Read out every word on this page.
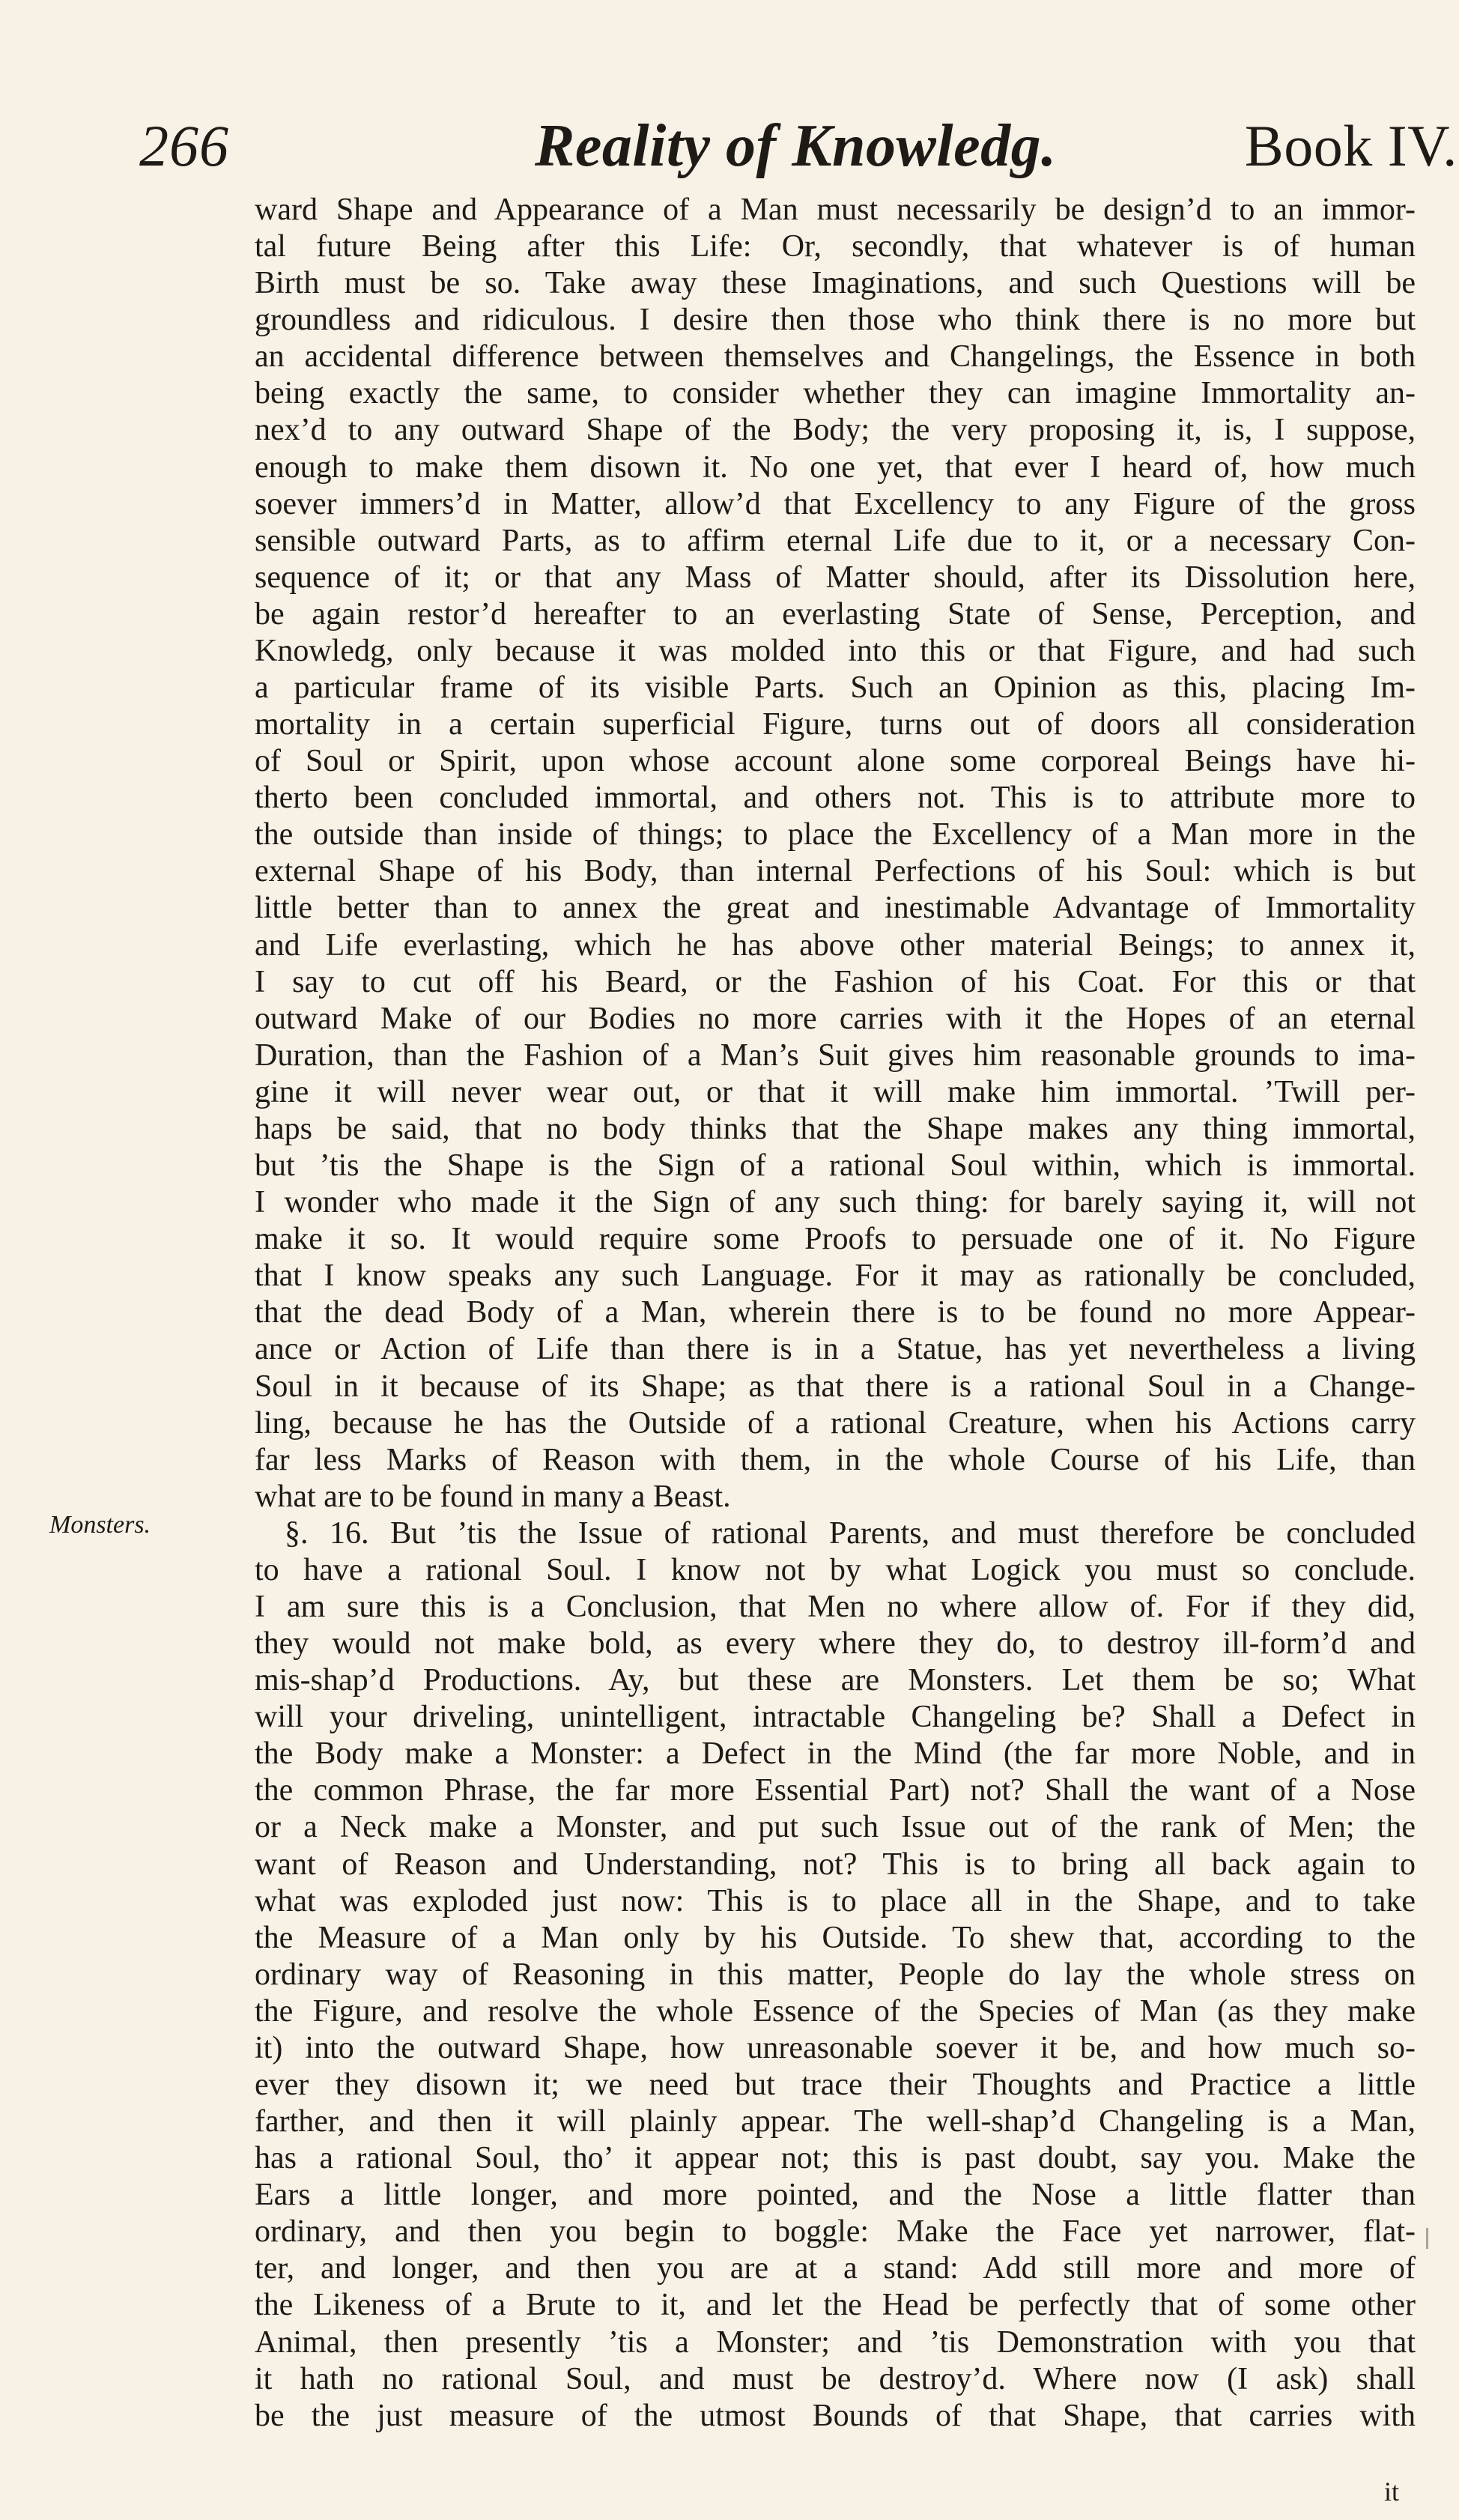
266	Reality of Knowledg.	Book IV.
Monsters.
ward Shape and Appearance of a Man must necessarily be design’d to an immor-
tal future Being after this Life: Or, secondly, that whatever is of human
Birth must be so. Take away these Imaginations, and such Questions will be
groundless and ridiculous. I desire then those who think there is no more but
an accidental difference between themselves and Changelings, the Essence in both
being exactly the same, to consider whether they can imagine Immortality an-
nex’d to any outward Shape of the Body; the very proposing it, is, I suppose,
enough to make them disown it. No one yet, that ever I heard of, how much
soever immers’d in Matter, allow’d that Excellency to any Figure of the gross
sensible outward Parts, as to affirm eternal Life due to it, or a necessary Con-
sequence of it; or that any Mass of Matter should, after its Dissolution here,
be again restor’d hereafter to an everlasting State of Sense, Perception, and
Knowledg, only because it was molded into this or that Figure, and had such
a particular frame of its visible Parts. Such an Opinion as this, placing Im-
mortality in a certain superficial Figure, turns out of doors all consideration
of Soul or Spirit, upon whose account alone some corporeal Beings have hi-
therto been concluded immortal, and others not. This is to attribute more to
the outside than inside of things; to place the Excellency of a Man more in the
external Shape of his Body, than internal Perfections of his Soul: which is but
little better than to annex the great and inestimable Advantage of Immortality
and Life everlasting, which he has above other material Beings; to annex it,
I say to cut off his Beard, or the Fashion of his Coat. For this or that
outward Make of our Bodies no more carries with it the Hopes of an eternal
Duration, than the Fashion of a Man’s Suit gives him reasonable grounds to ima-
gine it will never wear out, or that it will make him immortal. ’Twill per-
haps be said, that no body thinks that the Shape makes any thing immortal,
but ’tis the Shape is the Sign of a rational Soul within, which is immortal.
I wonder who made it the Sign of any such thing: for barely saying it, will not
make it so. It would require some Proofs to persuade one of it. No Figure
that I know speaks any such Language. For it may as rationally be concluded,
that the dead Body of a Man, wherein there is to be found no more Appear-
ance or Action of Life than there is in a Statue, has yet nevertheless a living
Soul in it because of its Shape; as that there is a rational Soul in a Change-
ling, because he has the Outside of a rational Creature, when his Actions carry
far less Marks of Reason with them, in the whole Course of his Life, than
what are to be found in many a Beast.
§. 16. But ’tis the Issue of rational Parents, and must therefore be concluded
to have a rational Soul. I know not by what Logick you must so conclude.
I am sure this is a Conclusion, that Men no where allow of. For if they did,
they would not make bold, as every where they do, to destroy ill-form’d and
mis-shap’d Productions. Ay, but these are Monsters. Let them be so; What
will your driveling, unintelligent, intractable Changeling be? Shall a Defect in
the Body make a Monster: a Defect in the Mind (the far more Noble, and in
the common Phrase, the far more Essential Part) not? Shall the want of a Nose
or a Neck make a Monster, and put such Issue out of the rank of Men; the
want of Reason and Understanding, not? This is to bring all back again to
what was exploded just now: This is to place all in the Shape, and to take
the Measure of a Man only by his Outside. To shew that, according to the
ordinary way of Reasoning in this matter, People do lay the whole stress on
the Figure, and resolve the whole Essence of the Species of Man (as they make
it) into the outward Shape, how unreasonable soever it be, and how much so-
ever they disown it; we need but trace their Thoughts and Practice a little
farther, and then it will plainly appear. The well-shap’d Changeling is a Man,
has a rational Soul, tho’ it appear not; this is past doubt, say you. Make the
Ears a little longer, and more pointed, and the Nose a little flatter than
ordinary, and then you begin to boggle: Make the Face yet narrower, flat-
ter, and longer, and then you are at a stand: Add still more and more of
the Likeness of a Brute to it, and let the Head be perfectly that of some other
Animal, then presently ’tis a Monster; and ’tis Demonstration with you that
it hath no rational Soul, and must be destroy’d. Where now (I ask) shall
be the just measure of the utmost Bounds of that Shape, that carries with
it
